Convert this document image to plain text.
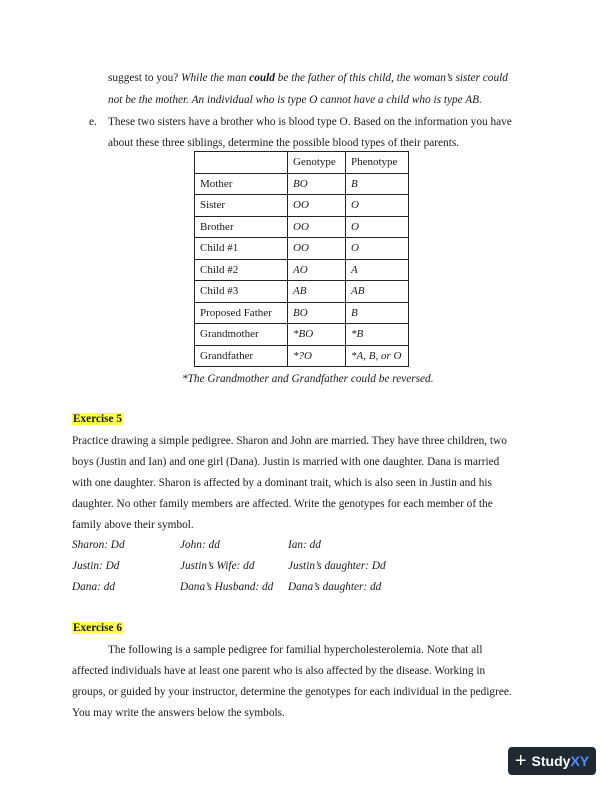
suggest to you? While the man could be the father of this child, the woman’s sister could
not be the mother. An individual who is type O cannot have a child who is type AB.
e. These two sisters have a brother who is blood type O. Based on the information you have
about these three siblings, determine the possible blood types of their parents.
	Genotype	Phenotype
Mother	BO	B
Sister	OO	O
Brother	OO	O
Child #1	OO	O
Child #2	AO	A
Child #3	AB	AB
Proposed Father	BO	B
Grandmother	*BO	*B
Grandfather	*?O	*A, B, or O
*The Grandmother and Grandfather could be reversed.
Exercise 5
Practice drawing a simple pedigree. Sharon and John are married. They have three children, two
boys (Justin and Ian) and one girl (Dana). Justin is married with one daughter. Dana is married
with one daughter. Sharon is affected by a dominant trait, which is also seen in Justin and his
daughter. No other family members are affected. Write the genotypes for each member of the
family above their symbol.
Sharon: Dd	John: dd	Ian: dd
Justin: Dd	Justin’s Wife: dd	Justin’s daughter: Dd
Dana: dd	Dana’s Husband: dd Dana’s daughter: dd
Exercise 6
The following is a sample pedigree for familial hypercholesterolemia. Note that all
affected individuals have at least one parent who is also affected by the disease. Working in
groups, or guided by your instructor, determine the genotypes for each individual in the pedigree.
You may write the answers below the symbols.
+ Study XY
